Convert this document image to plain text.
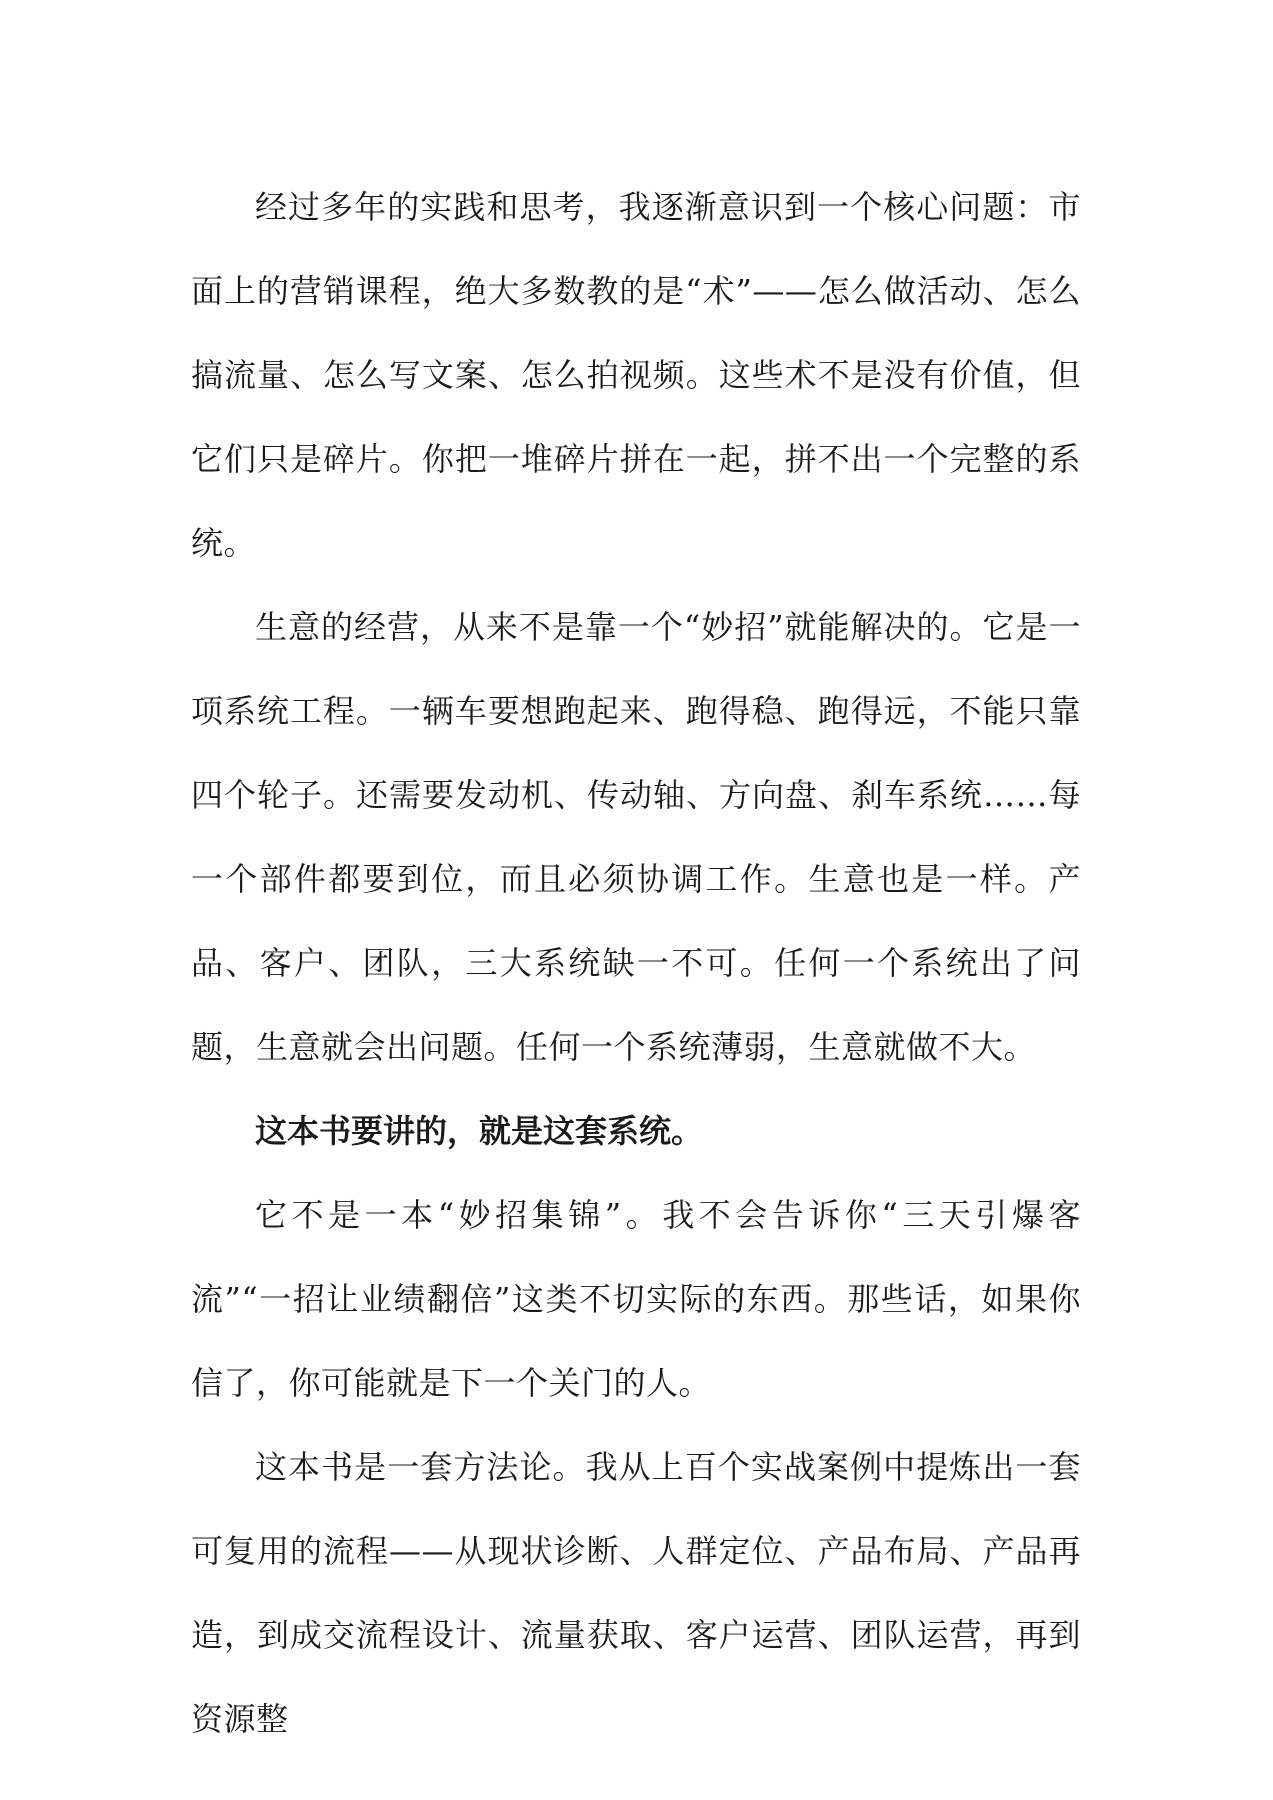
经过多年的实践和思考，我逐渐意识到一个核心问题：市面上的营销课程，绝大多数教的是“术”——怎么做活动、怎么搞流量、怎么写文案、怎么拍视频。这些术不是没有价值，但它们只是碎片。你把一堆碎片拼在一起，拼不出一个完整的系统。

生意的经营，从来不是靠一个“妙招”就能解决的。它是一项系统工程。一辆车要想跑起来、跑得稳、跑得远，不能只靠四个轮子。还需要发动机、传动轴、方向盘、刹车系统……每一个部件都要到位，而且必须协调工作。生意也是一样。产品、客户、团队，三大系统缺一不可。任何一个系统出了问题，生意就会出问题。任何一个系统薄弱，生意就做不大。

这本书要讲的，就是这套系统。

它不是一本“妙招集锦”。我不会告诉你“三天引爆客流”“一招让业绩翻倍”这类不切实际的东西。那些话，如果你信了，你可能就是下一个关门的人。

这本书是一套方法论。我从上百个实战案例中提炼出一套可复用的流程——从现状诊断、人群定位、产品布局、产品再造，到成交流程设计、流量获取、客户运营、团队运营，再到资源整
